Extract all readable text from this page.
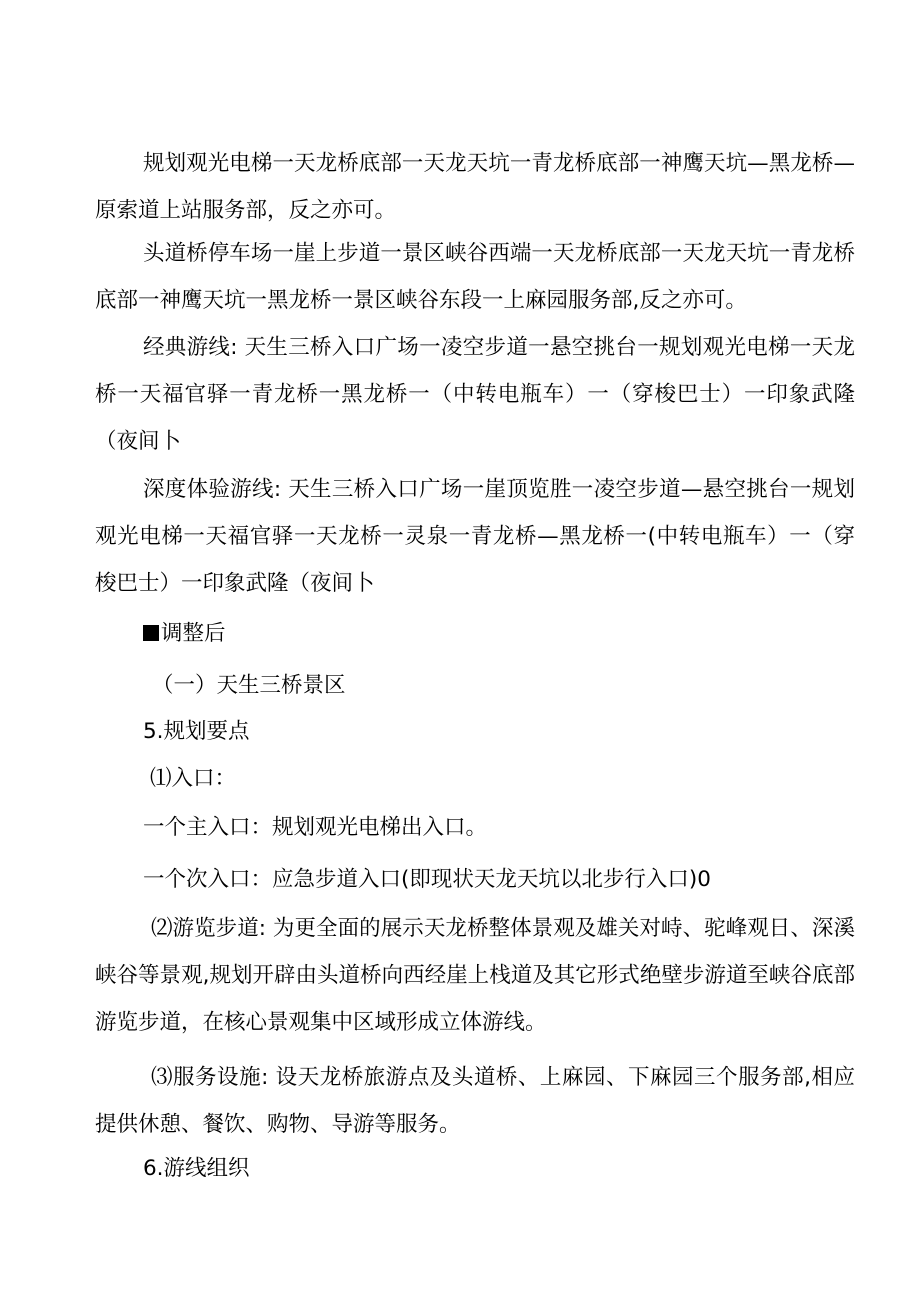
规划观光电梯一天龙桥底部一天龙天坑一青龙桥底部一神鹰天坑—黑龙桥—原索道上站服务部，反之亦可。
头道桥停车场一崖上步道一景区峡谷西端一天龙桥底部一天龙天坑一青龙桥底部一神鹰天坑一黑龙桥一景区峡谷东段一上麻园服务部,反之亦可。
经典游线: 天生三桥入口广场一凌空步道一悬空挑台一规划观光电梯一天龙桥一天福官驿一青龙桥一黑龙桥一（中转电瓶车）一（穿梭巴士）一印象武隆（夜间卜
深度体验游线: 天生三桥入口广场一崖顶览胜一凌空步道—悬空挑台一规划观光电梯一天福官驿一天龙桥一灵泉一青龙桥—黑龙桥一(中转电瓶车）一（穿梭巴士）一印象武隆（夜间卜
调整后
（一）天生三桥景区
5.规划要点
⑴入口：
一个主入口：规划观光电梯出入口。
一个次入口：应急步道入口(即现状天龙天坑以北步行入口)0
⑵游览步道: 为更全面的展示天龙桥整体景观及雄关对峙、驼峰观日、深溪峡谷等景观,规划开辟由头道桥向西经崖上栈道及其它形式绝壁步游道至峡谷底部游览步道，在核心景观集中区域形成立体游线。
⑶服务设施: 设天龙桥旅游点及头道桥、上麻园、下麻园三个服务部,相应提供休憩、餐饮、购物、导游等服务。
6.游线组织
